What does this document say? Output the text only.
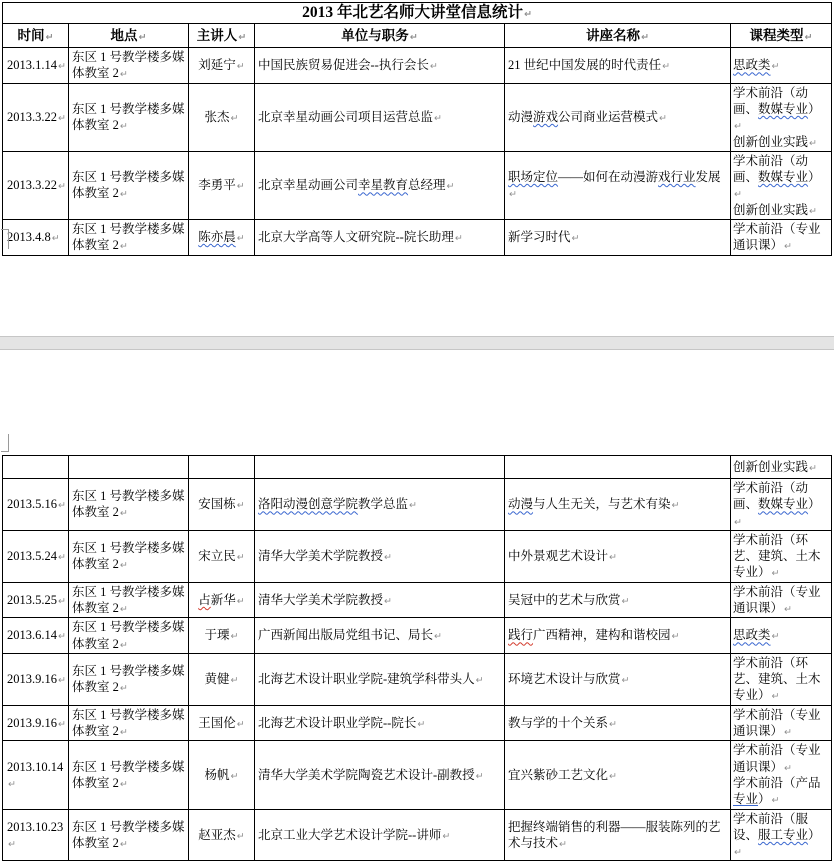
2013 年北艺名师大讲堂信息统计↵					
时间↵	地点↵	主讲人↵	单位与职务↵	讲座名称↵	课程类型↵
2013.1.14↵	东区 1 号教学楼多媒体教室 2↵	刘延宁↵	中国民族贸易促进会--执行会长↵	21 世纪中国发展的时代责任↵	思政类↵
2013.3.22↵	东区 1 号教学楼多媒体教室 2↵	张杰↵	北京幸星动画公司项目运营总监↵	动漫游戏公司商业运营模式↵	学术前沿（动画、数媒专业）↵
创新创业实践↵
2013.3.22↵	东区 1 号教学楼多媒体教室 2↵	李勇平↵	北京幸星动画公司幸星教育总经理↵	职场定位——如何在动漫游戏行业发展↵	学术前沿（动画、数媒专业）↵
创新创业实践↵
2013.4.8↵	东区 1 号教学楼多媒体教室 2↵	陈亦晨↵	北京大学高等人文研究院--院长助理↵	新学习时代↵	学术前沿（专业通识课）↵
					创新创业实践↵
2013.5.16↵	东区 1 号教学楼多媒体教室 2↵	安国栋↵	洛阳动漫创意学院教学总监↵	动漫与人生无关，与艺术有染↵	学术前沿（动画、数媒专业）↵
2013.5.24↵	东区 1 号教学楼多媒体教室 2↵	宋立民↵	清华大学美术学院教授↵	中外景观艺术设计↵	学术前沿（环艺、建筑、土木专业）↵
2013.5.25↵	东区 1 号教学楼多媒体教室 2↵	占新华↵	清华大学美术学院教授↵	吴冠中的艺术与欣赏↵	学术前沿（专业通识课）↵
2013.6.14↵	东区 1 号教学楼多媒体教室 2↵	于瑮↵	广西新闻出版局党组书记、局长↵	践行广西精神，建构和谐校园↵	思政类↵
2013.9.16↵	东区 1 号教学楼多媒体教室 2↵	黄健↵	北海艺术设计职业学院-建筑学科带头人↵	环境艺术设计与欣赏↵	学术前沿（环艺、建筑、土木专业）↵
2013.9.16↵	东区 1 号教学楼多媒体教室 2↵	王国伦↵	北海艺术设计职业学院--院长↵	教与学的十个关系↵	学术前沿（专业通识课）↵
2013.10.14↵	东区 1 号教学楼多媒体教室 2↵	杨帆↵	清华大学美术学院陶瓷艺术设计-副教授↵	宜兴紫砂工艺文化↵	学术前沿（专业通识课）↵
学术前沿（产品专业）↵
2013.10.23↵	东区 1 号教学楼多媒体教室 2↵	赵亚杰↵	北京工业大学艺术设计学院--讲师↵	把握终端销售的利器——服装陈列的艺术与技术↵	学术前沿（服设、服工专业）↵
